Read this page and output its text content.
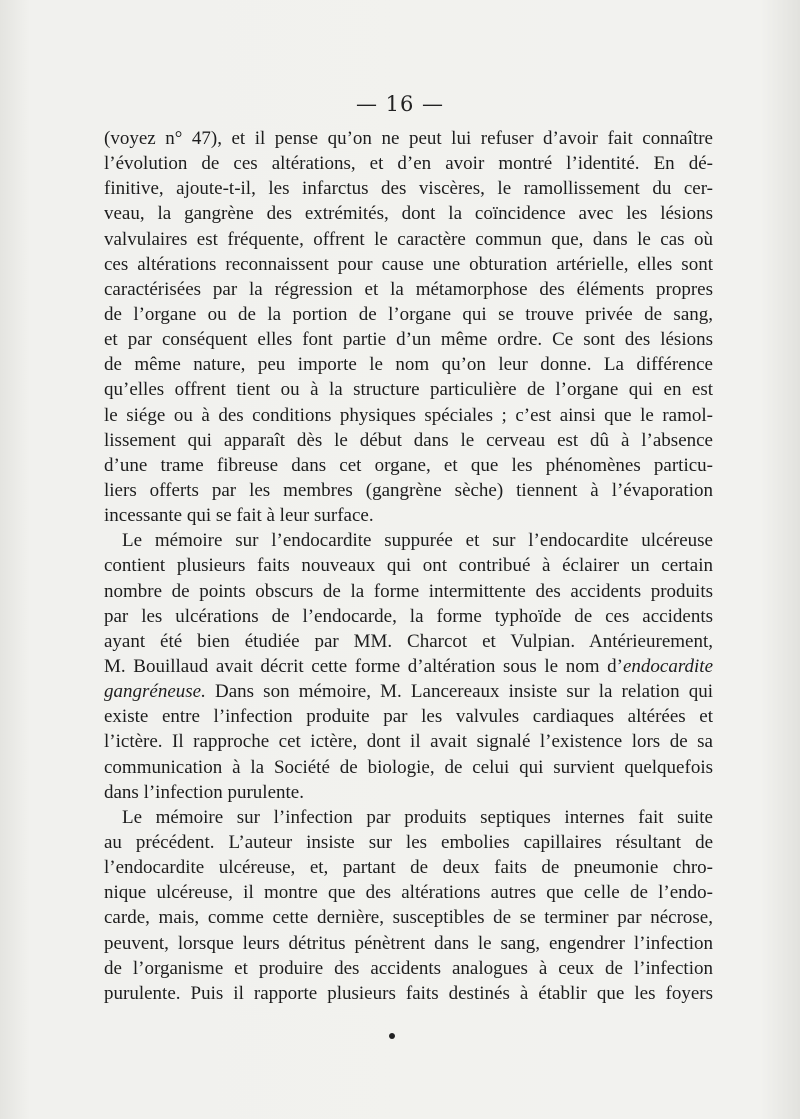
— 16 —
(voyez n° 47), et il pense qu’on ne peut lui refuser d’avoir fait connaître
l’évolution de ces altérations, et d’en avoir montré l’identité. En dé-
finitive, ajoute-t-il, les infarctus des viscères, le ramollissement du cer-
veau, la gangrène des extrémités, dont la coïncidence avec les lésions
valvulaires est fréquente, offrent le caractère commun que, dans le cas où
ces altérations reconnaissent pour cause une obturation artérielle, elles sont
caractérisées par la régression et la métamorphose des éléments propres
de l’organe ou de la portion de l’organe qui se trouve privée de sang,
et par conséquent elles font partie d’un même ordre. Ce sont des lésions
de même nature, peu importe le nom qu’on leur donne. La différence
qu’elles offrent tient ou à la structure particulière de l’organe qui en est
le siége ou à des conditions physiques spéciales ; c’est ainsi que le ramol-
lissement qui apparaît dès le début dans le cerveau est dû à l’absence
d’une trame fibreuse dans cet organe, et que les phénomènes particu-
liers offerts par les membres (gangrène sèche) tiennent à l’évaporation
incessante qui se fait à leur surface.
Le mémoire sur l’endocardite suppurée et sur l’endocardite ulcéreuse
contient plusieurs faits nouveaux qui ont contribué à éclairer un certain
nombre de points obscurs de la forme intermittente des accidents produits
par les ulcérations de l’endocarde, la forme typhoïde de ces accidents
ayant été bien étudiée par MM. Charcot et Vulpian. Antérieurement,
M. Bouillaud avait décrit cette forme d’altération sous le nom d’endocardite
gangréneuse. Dans son mémoire, M. Lancereaux insiste sur la relation qui
existe entre l’infection produite par les valvules cardiaques altérées et
l’ictère. Il rapproche cet ictère, dont il avait signalé l’existence lors de sa
communication à la Société de biologie, de celui qui survient quelquefois
dans l’infection purulente.
Le mémoire sur l’infection par produits septiques internes fait suite
au précédent. L’auteur insiste sur les embolies capillaires résultant de
l’endocardite ulcéreuse, et, partant de deux faits de pneumonie chro-
nique ulcéreuse, il montre que des altérations autres que celle de l’endo-
carde, mais, comme cette dernière, susceptibles de se terminer par nécrose,
peuvent, lorsque leurs détritus pénètrent dans le sang, engendrer l’infection
de l’organisme et produire des accidents analogues à ceux de l’infection
purulente. Puis il rapporte plusieurs faits destinés à établir que les foyers
